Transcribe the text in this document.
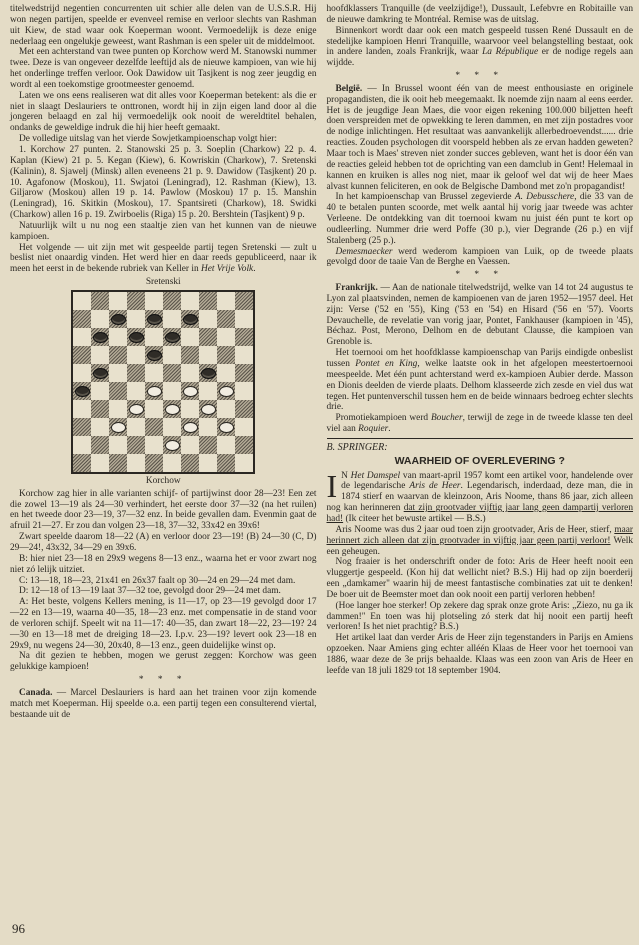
titelwedstrijd negentien concurrenten uit schier alle delen van de U.S.S.R. Hij won negen partijen, speelde er evenveel remise en verloor slechts van Rashman uit Kiew, de stad waar ook Koeperman woont. Vermoedelijk is deze enige nederlaag een ongelukje geweest, want Rashman is een speler uit de middelmoot.

Met een achterstand van twee punten op Korchow werd M. Stanowski nummer twee. Deze is van ongeveer dezelfde leeftijd als de nieuwe kampioen, van wie hij het onderlinge treffen verloor. Ook Dawidow uit Tasjkent is nog zeer jeugdig en wordt al een toekomstige grootmeester genoemd.

Laten we ons eens realiseren wat dit alles voor Koeperman betekent: als die er niet in slaagt Deslauriers te onttronen, wordt hij in zijn eigen land door al die jongeren belaagd en zal hij vermoedelijk ook nooit de wereldtitel behalen, ondanks de geweldige indruk die hij hier heeft gemaakt.

De volledige uitslag van het vierde Sowjetkampioenschap volgt hier:

1. Korchow 27 punten. 2. Stanowski 25 p. 3. Soeplin (Charkow) 22 p. 4. Kaplan (Kiew) 21 p. 5. Kegan (Kiew), 6. Kowriskin (Charkow), 7. Sretenski (Kalinin), 8. Sjawelj (Minsk) allen eveneens 21 p. 9. Dawidow (Tasjkent) 20 p. 10. Agafonow (Moskou), 11. Swjatoi (Leningrad), 12. Rashman (Kiew), 13. Giljarow (Moskou) allen 19 p. 14. Pawlow (Moskou) 17 p. 15. Manshin (Leningrad), 16. Skitkin (Moskou), 17. Spantsireti (Charkow), 18. Swidki (Charkow) allen 16 p. 19. Zwirboelis (Riga) 15 p. 20. Bershtein (Tasjkent) 9 p.

Natuurlijk wilt u nu nog een staaltje zien van het kunnen van de nieuwe kampioen.

Het volgende — uit zijn met wit gespeelde partij tegen Sretenski — zult u beslist niet onaardig vinden. Het werd hier en daar reeds gepubliceerd, naar ik meen het eerst in de bekende rubriek van Keller in Het Vrije Volk.

Sretenski
Korchow

Korchow zag hier in alle varianten schijf- of partijwinst door 28—23! Een zet die zowel 13—19 als 24—30 verhindert, het eerste door 37—32 (na het ruilen) en het tweede door 23—19, 37—32 enz. In beide gevallen dam. Evenmin gaat de afruil 21—27. Er zou dan volgen 23—18, 37—32, 33x42 en 39x6!

Zwart speelde daarom 18—22 (A) en verloor door 23—19! (B) 24—30 (C, D) 29—24!, 43x32, 34—29 en 39x6.

B: hier niet 23—18 en 29x9 wegens 8—13 enz., waarna het er voor zwart nog niet zó lelijk uitziet.

C: 13—18, 18—23, 21x41 en 26x37 faalt op 30—24 en 29—24 met dam.

D: 12—18 of 13—19 laat 37—32 toe, gevolgd door 29—24 met dam.

A: Het beste, volgens Kellers mening, is 11—17, op 23—19 gevolgd door 17—22 en 13—19, waarna 40—35, 18—23 enz. met compensatie in de stand voor de verloren schijf. Speelt wit na 11—17: 40—35, dan zwart 18—22, 23—19? 24—30 en 13—18 met de dreiging 18—23. I.p.v. 23—19? levert ook 23—18 en 29x9, nu wegens 24—30, 20x40, 8—13 enz., geen duidelijke winst op.

Na dit gezien te hebben, mogen we gerust zeggen: Korchow was geen gelukkige kampioen!

* * *

Canada. — Marcel Deslauriers is hard aan het trainen voor zijn komende match met Koeperman. Hij speelde o.a. een partij tegen een consulterend viertal, bestaande uit de

hoofdklassers Tranquille (de veelzijdige!), Dussault, Lefebvre en Robitaille van de nieuwe damkring te Montréal. Remise was de uitslag.

Binnenkort wordt daar ook een match gespeeld tussen René Dussault en de stedelijke kampioen Henri Tranquille, waarvoor veel belangstelling bestaat, ook in andere landen, zoals Frankrijk, waar La République er de nodige regels aan wijdde.

* * *

België. — In Brussel woont één van de meest enthousiaste en originele propagandisten, die ik ooit heb meegemaakt. Ik noemde zijn naam al eens eerder. Het is de jeugdige Jean Maes, die voor eigen rekening 100.000 biljetten heeft doen verspreiden met de opwekking te leren dammen, en met zijn postadres voor de nodige inlichtingen. Het resultaat was aanvankelijk allerbedroevendst...... drie reacties. Zouden psychologen dit voorspeld hebben als ze ervan hadden geweten? Maar toch is Maes' streven niet zonder succes gebleven, want het is door één van de reacties geleid hebben tot de oprichting van een damclub in Gent! Helemaal in kannen en kruiken is alles nog niet, maar ik geloof wel dat wij de heer Maes alvast kunnen feliciteren, en ook de Belgische Dambond met zo'n propagandist!

In het kampioenschap van Brussel zegevierde A. Debusschere, die 33 van de 40 te betalen punten scoorde, met welk aantal hij vorig jaar tweede was achter Verleene. De ontdekking van dit toernooi kwam nu juist één punt te kort op oudleerling. Nummer drie werd Poffe (30 p.), vier Degrande (26 p.) en vijf Stalenberg (25 p.).

Demesmaecker werd wederom kampioen van Luik, op de tweede plaats gevolgd door de taaie Van de Berghe en Vaessen.

* * *

Frankrijk. — Aan de nationale titelwedstrijd, welke van 14 tot 24 augustus te Lyon zal plaatsvinden, nemen de kampioenen van de jaren 1952—1957 deel. Het zijn: Verse ('52 en '55), King ('53 en '54) en Hisard ('56 en '57). Voorts Devauchelle, de revelatie van vorig jaar, Pontet, Fankhauser (kampioen in '45), Béchaz. Post, Merono, Delhom en de debutant Clausse, die kampioen van Grenoble is.

Het toernooi om het hoofdklasse kampioenschap van Parijs eindigde onbeslist tussen Pontet en King, welke laatste ook in het afgelopen meestertoernooi meespeelde. Met één punt achterstand werd ex-kampioen Aubier derde. Masson en Dionis deelden de vierde plaats. Delhom klasseerde zich zesde en viel dus wat tegen. Het puntenverschil tussen hem en de beide winnaars bedroeg echter slechts drie.

Promotiekampioen werd Boucher, terwijl de zege in de tweede klasse ten deel viel aan Roquier.

B. SPRINGER:
WAARHEID OF OVERLEVERING ?

I N Het Damspel van maart-april 1957 komt een artikel voor, handelende over de legendarische Aris de Heer. Legendarisch, inderdaad, deze man, die in 1874 stierf en waarvan de kleinzoon, Aris Noome, thans 86 jaar, zich alleen nog kan herinneren dat zijn grootvader vijftig jaar lang geen dampartij verloren had! (Ik citeer het bewuste artikel — B.S.)

Aris Noome was dus 2 jaar oud toen zijn grootvader, Aris de Heer, stierf, maar herinnert zich alleen dat zijn grootvader in vijftig jaar geen partij verloor! Welk een geheugen.

Nog fraaier is het onderschrift onder de foto: Aris de Heer heeft nooit een vluggertje gespeeld. (Kon hij dat wellicht niet? B.S.) Hij had op zijn boerderij een „damkamer" waarin hij de meest fantastische combinaties zat uit te denken! De boer uit de Beemster moet dan ook nooit een partij verloren hebben!

(Hoe langer hoe sterker! Op zekere dag sprak onze grote Aris: „Ziezo, nu ga ik dammen!" En toen was hij plotseling zó sterk dat hij nooit een partij heeft verloren! Is het niet prachtig? B.S.)

Het artikel laat dan verder Aris de Heer zijn tegenstanders in Parijs en Amiens opzoeken. Naar Amiens ging echter alléén Klaas de Heer voor het toernooi van 1886, waar deze de 3e prijs behaalde. Klaas was een zoon van Aris de Heer en leefde van 18 juli 1829 tot 18 september 1904.

96
